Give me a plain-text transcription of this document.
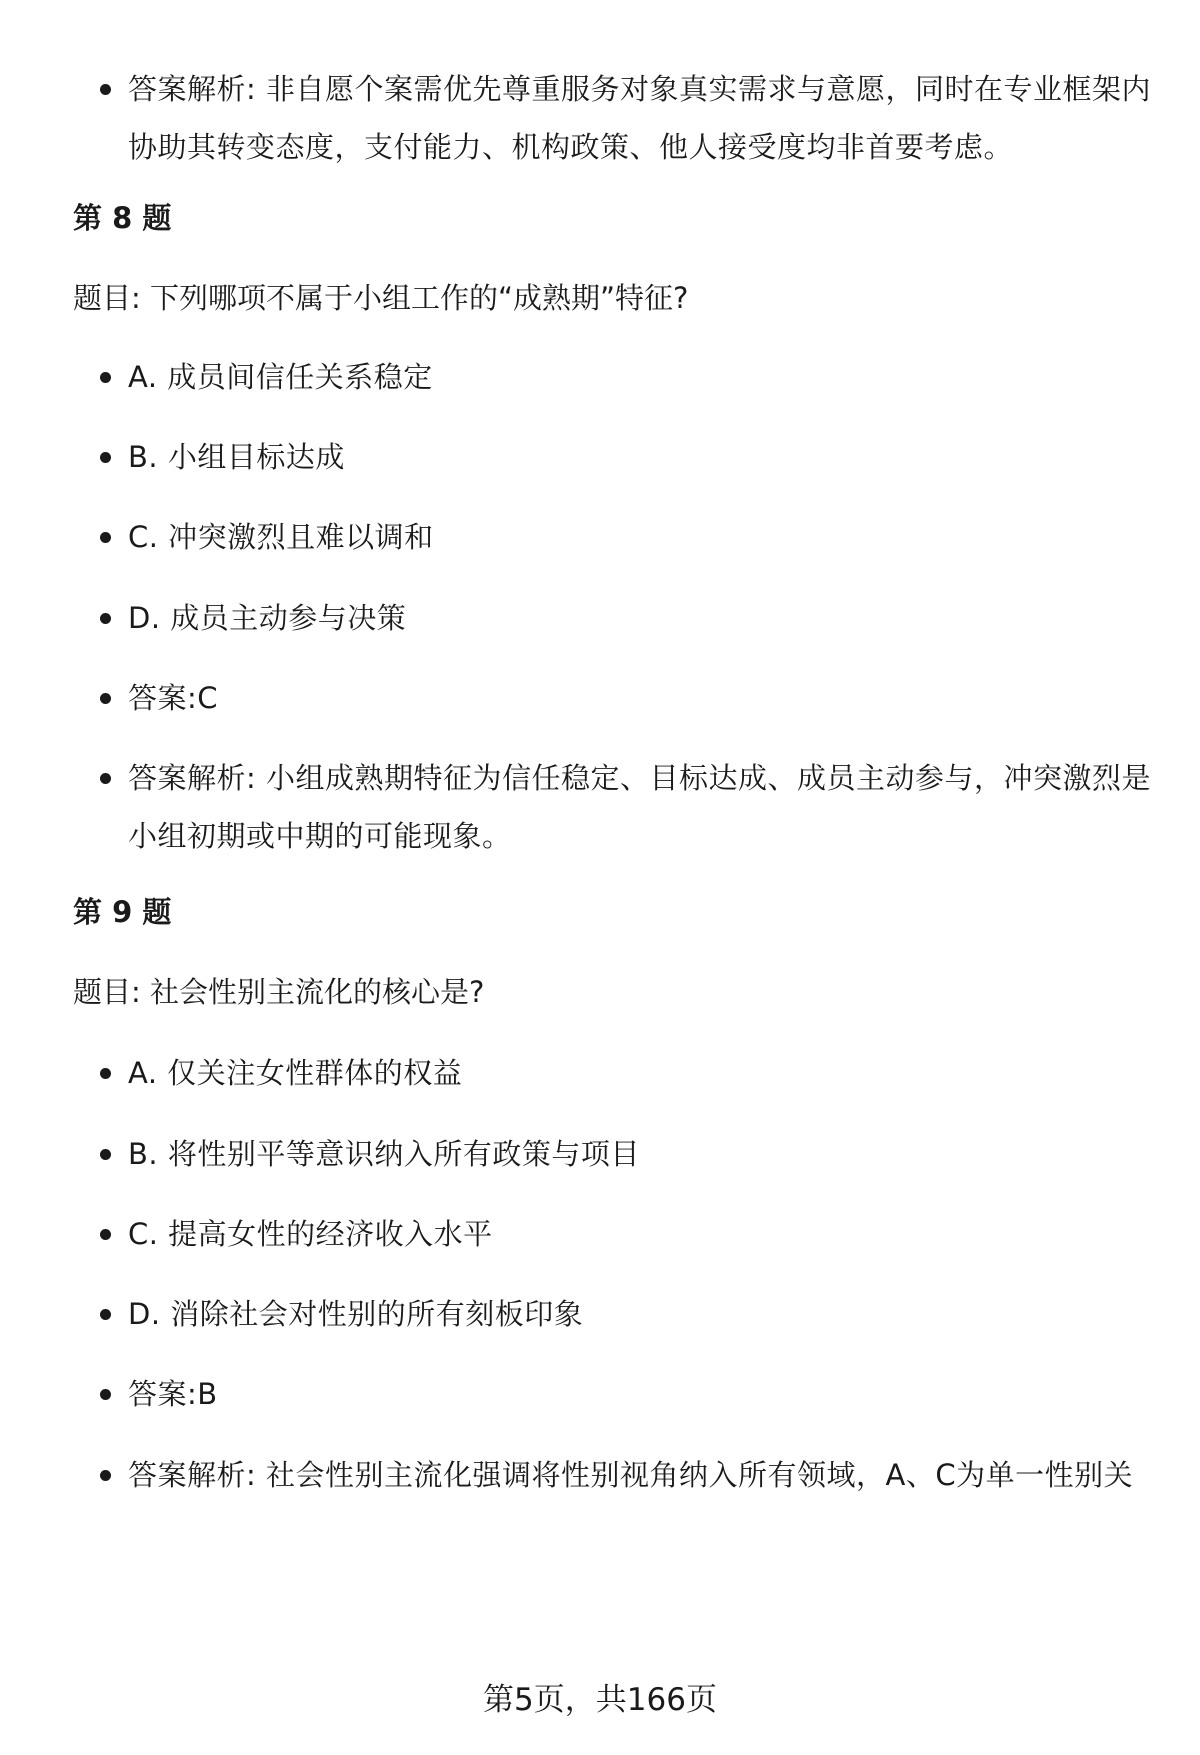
答案解析: 非自愿个案需优先尊重服务对象真实需求与意愿，同时在专业框架内协助其转变态度，支付能力、机构政策、他人接受度均非首要考虑。
第 8 题
题目: 下列哪项不属于小组工作的“成熟期”特征?
A. 成员间信任关系稳定
B. 小组目标达成
C. 冲突激烈且难以调和
D. 成员主动参与决策
答案:C
答案解析: 小组成熟期特征为信任稳定、目标达成、成员主动参与，冲突激烈是小组初期或中期的可能现象。
第 9 题
题目: 社会性别主流化的核心是?
A. 仅关注女性群体的权益
B. 将性别平等意识纳入所有政策与项目
C. 提高女性的经济收入水平
D. 消除社会对性别的所有刻板印象
答案:B
答案解析: 社会性别主流化强调将性别视角纳入所有领域，A、C为单一性别关
第5页，共166页
